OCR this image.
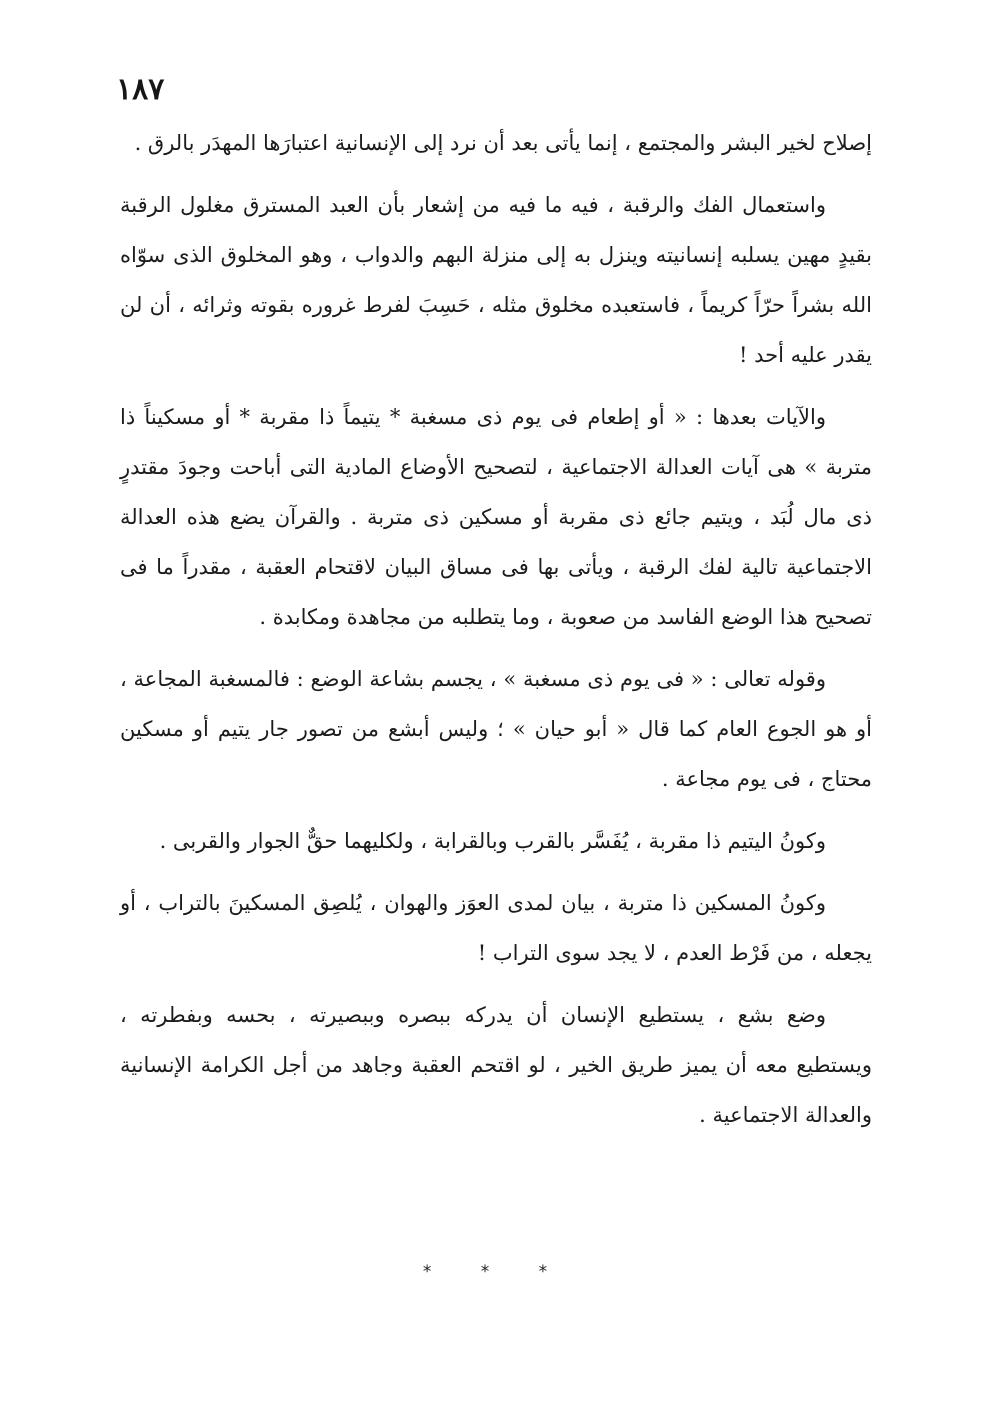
١٨٧

إصلاح لخير البشر والمجتمع ، إنما يأتى بعد أن نرد إلى الإنسانية اعتبارَها المهدَر بالرق .

واستعمال الفك والرقبة ، فيه ما فيه من إشعار بأن العبد المسترق مغلول الرقبة بقيدٍ مهين يسلبه إنسانيته وينزل به إلى منزلة البهم والدواب ، وهو المخلوق الذى سوّاه الله بشراً حرّاً كريماً ، فاستعبده مخلوق مثله ، حَسِبَ لفرط غروره بقوته وثرائه ، أن لن يقدر عليه أحد !

والآيات بعدها : « أو إطعام فى يوم ذى مسغبة * يتيماً ذا مقربة * أو مسكيناً ذا متربة » هى آيات العدالة الاجتماعية ، لتصحيح الأوضاع المادية التى أباحت وجودَ مقتدرٍ ذى مال لُبَد ، ويتيم جائع ذى مقربة أو مسكين ذى متربة . والقرآن يضع هذه العدالة الاجتماعية تالية لفك الرقبة ، ويأتى بها فى مساق البيان لاقتحام العقبة ، مقدراً ما فى تصحيح هذا الوضع الفاسد من صعوبة ، وما يتطلبه من مجاهدة ومكابدة .

وقوله تعالى : « فى يوم ذى مسغبة » ، يجسم بشاعة الوضع : فالمسغبة المجاعة ، أو هو الجوع العام كما قال « أبو حيان » ؛ وليس أبشع من تصور جار يتيم أو مسكين محتاج ، فى يوم مجاعة .

وكونُ اليتيم ذا مقربة ، يُفَسَّر بالقرب وبالقرابة ، ولكليهما حقٌّ الجوار والقربى .

وكونُ المسكين ذا متربة ، بيان لمدى العوَز والهوان ، يُلصِق المسكينَ بالتراب ، أو يجعله ، من فَرْط العدم ، لا يجد سوى التراب !

وضع بشع ، يستطيع الإنسان أن يدركه ببصره وببصيرته ، بحسه وبفطرته ، ويستطيع معه أن يميز طريق الخير ، لو اقتحم العقبة وجاهد من أجل الكرامة الإنسانية والعدالة الاجتماعية .

* * *
